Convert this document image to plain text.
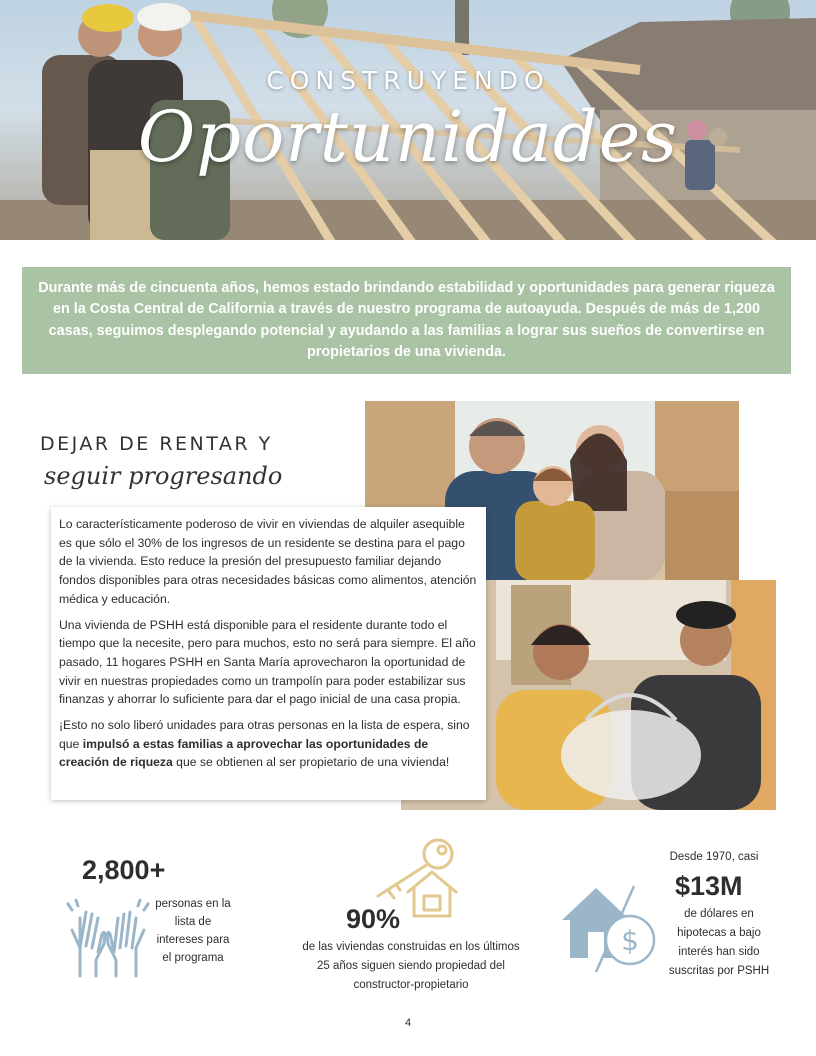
CONSTRUYENDO
Oportunidades

Durante más de cincuenta años, hemos estado brindando estabilidad y oportunidades para generar riqueza en la Costa Central de California a través de nuestro programa de autoayuda. Después de más de 1,200 casas, seguimos desplegando potencial y ayudando a las familias a lograr sus sueños de convertirse en propietarios de una vivienda.

DEJAR DE RENTAR Y
seguir progresando

Lo característicamente poderoso de vivir en viviendas de alquiler asequible es que sólo el 30% de los ingresos de un residente se destina para el pago de la vivienda. Esto reduce la presión del presupuesto familiar dejando fondos disponibles para otras necesidades básicas como alimentos, atención médica y educación.

Una vivienda de PSHH está disponible para el residente durante todo el tiempo que la necesite, pero para muchos, esto no será para siempre. El año pasado, 11 hogares PSHH en Santa María aprovecharon la oportunidad de vivir en nuestras propiedades como un trampolín para poder estabilizar sus finanzas y ahorrar lo suficiente para dar el pago inicial de una casa propia.

¡Esto no solo liberó unidades para otras personas en la lista de espera, sino que impulsó a estas familias a aprovechar las oportunidades de creación de riqueza que se obtienen al ser propietario de una vivienda!

2,800+
personas en la lista de intereses para el programa
90%
de las viviendas construidas en los últimos 25 años siguen siendo propiedad del constructor-propietario
$
Desde 1970, casi
$13M
de dólares en hipotecas a bajo interés han sido suscritas por PSHH
4
